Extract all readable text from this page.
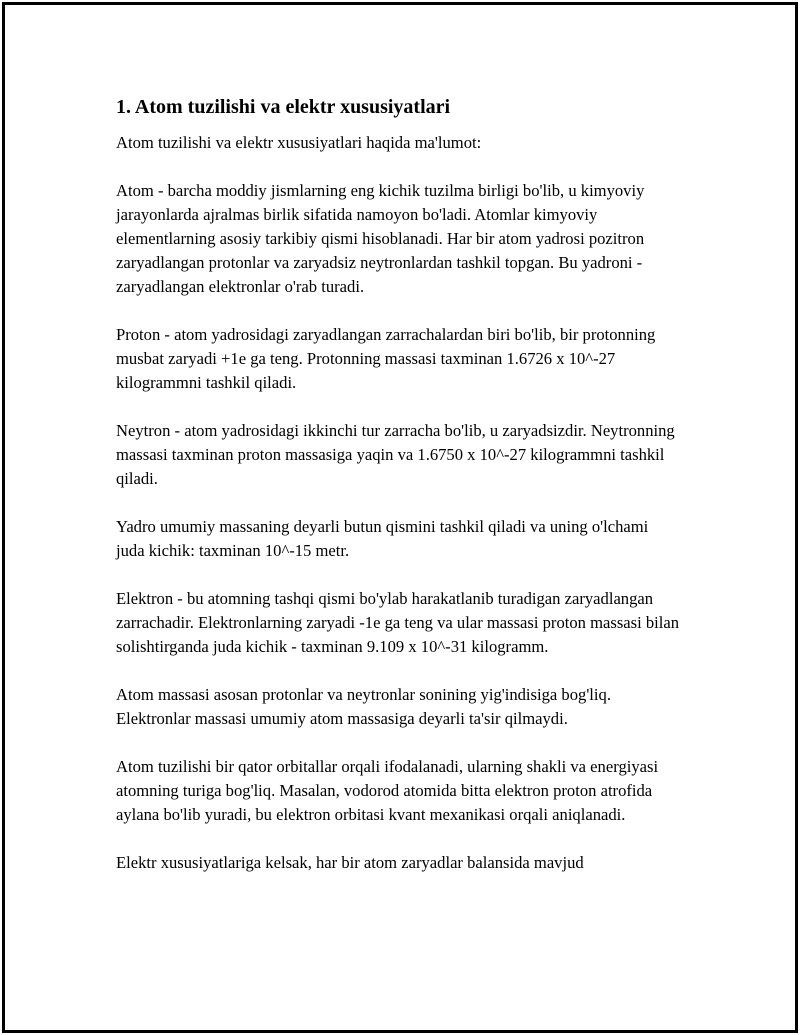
1. Atom tuzilishi va elektr xususiyatlari

Atom tuzilishi va elektr xususiyatlari haqida ma'lumot:

Atom - barcha moddiy jismlarning eng kichik tuzilma birligi bo'lib, u kimyoviy jarayonlarda ajralmas birlik sifatida namoyon bo'ladi. Atomlar kimyoviy elementlarning asosiy tarkibiy qismi hisoblanadi. Har bir atom yadrosi pozitron zaryadlangan protonlar va zaryadsiz neytronlardan tashkil topgan. Bu yadroni - zaryadlangan elektronlar o'rab turadi.

Proton - atom yadrosidagi zaryadlangan zarrachalardan biri bo'lib, bir protonning musbat zaryadi +1e ga teng. Protonning massasi taxminan 1.6726 x 10^-27 kilogrammni tashkil qiladi.

Neytron - atom yadrosidagi ikkinchi tur zarracha bo'lib, u zaryadsizdir. Neytronning massasi taxminan proton massasiga yaqin va 1.6750 x 10^-27 kilogrammni tashkil qiladi.

Yadro umumiy massaning deyarli butun qismini tashkil qiladi va uning o'lchami juda kichik: taxminan 10^-15 metr.

Elektron - bu atomning tashqi qismi bo'ylab harakatlanib turadigan zaryadlangan zarrachadir. Elektronlarning zaryadi -1e ga teng va ular massasi proton massasi bilan solishtirganda juda kichik - taxminan 9.109 x 10^-31 kilogramm.

Atom massasi asosan protonlar va neytronlar sonining yig'indisiga bog'liq. Elektronlar massasi umumiy atom massasiga deyarli ta'sir qilmaydi.

Atom tuzilishi bir qator orbitallar orqali ifodalanadi, ularning shakli va energiyasi atomning turiga bog'liq. Masalan, vodorod atomida bitta elektron proton atrofida aylana bo'lib yuradi, bu elektron orbitasi kvant mexanikasi orqali aniqlanadi.

Elektr xususiyatlariga kelsak, har bir atom zaryadlar balansida mavjud
